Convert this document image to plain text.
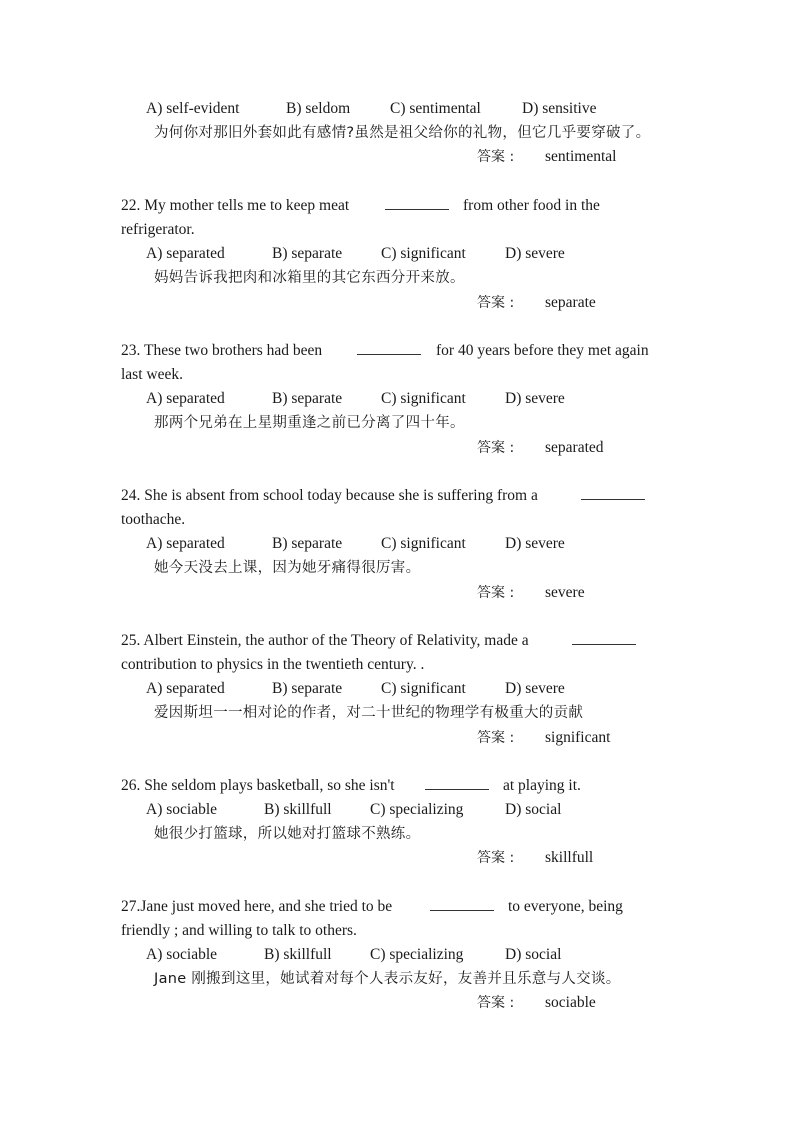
A) self-evident	B) seldom	C) sentimental	D) sensitive
为何你对那旧外套如此有感情?虽然是祖父给你的礼物，但它几乎要穿破了。
答案 : sentimental
22. My mother tells me to keep meat	from other food in the
refrigerator.
A) separated	B) separate	C) significant	D) severe
妈妈告诉我把肉和冰箱里的其它东西分开来放。
答案 : separate
23. These two brothers had been	for 40 years before they met again
last week.
A) separated	B) separate	C) significant	D) severe
那两个兄弟在上星期重逢之前已分离了四十年。
答案 : separated
24. She is absent from school today because she is suffering from a
toothache.
A) separated	B) separate	C) significant	D) severe
她今天没去上课，因为她牙痛得很厉害。
答案 : severe
25. Albert Einstein, the author of the Theory of Relativity, made a
contribution to physics in the twentieth century. .
A) separated	B) separate	C) significant	D) severe
爱因斯坦一一相对论的作者，对二十世纪的物理学有极重大的贡献
答案 : significant
26. She seldom plays basketball, so she isn't	at playing it.
A) sociable	B) skillfull C) specializing	D) social
她很少打篮球，所以她对打篮球不熟练。
答案 : skillfull
27.Jane just moved here, and she tried to be	to everyone, being
friendly ; and willing to talk to others.
A) sociable	B) skillfull C) specializing	D) social
Jane 刚搬到这里，她试着对每个人表示友好，友善并且乐意与人交谈。
答案 : sociable
